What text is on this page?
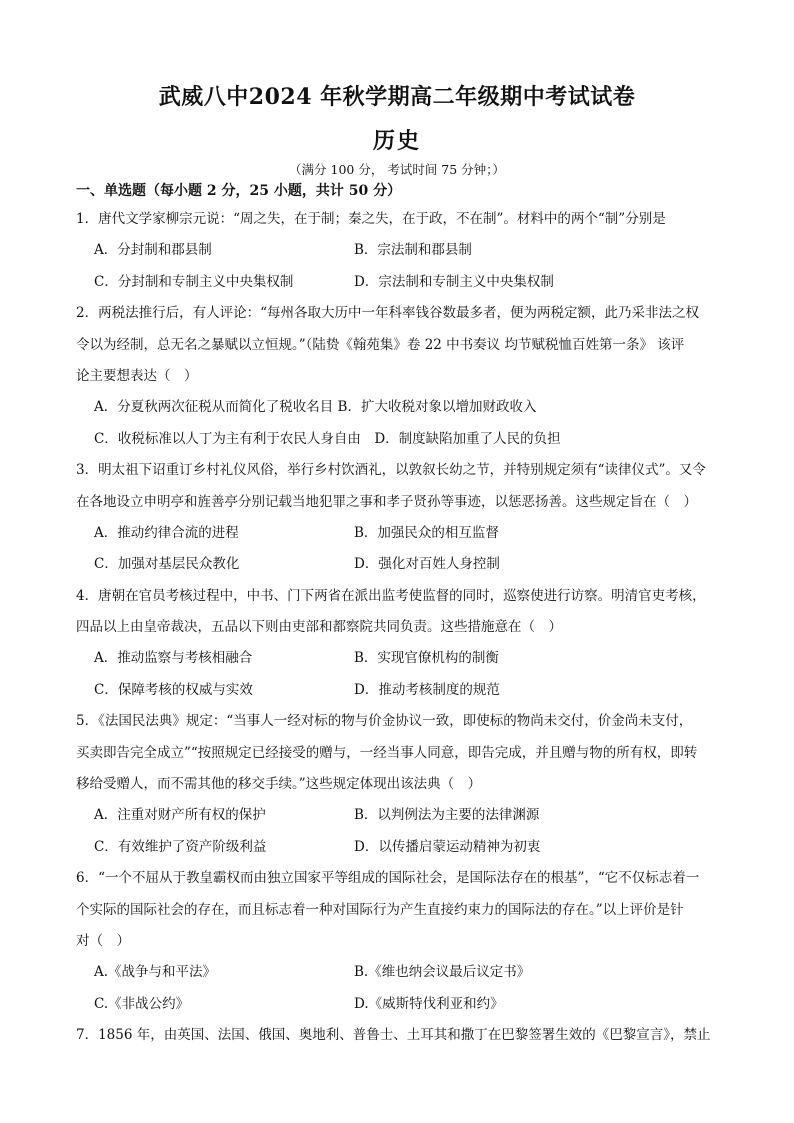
武威八中2024 年秋学期高二年级期中考试试卷
历史
（满分 100 分， 考试时间 75 分钟；）
一、单选题（每小题 2 分，25 小题，共计 50 分）
1．唐代文学家柳宗元说：“周之失，在于制；秦之失，在于政，不在制”。材料中的两个“制”分别是
A．分封制和郡县制	B．宗法制和郡县制
C．分封制和专制主义中央集权制	D．宗法制和专制主义中央集权制
2．两税法推行后，有人评论：“每州各取大历中一年科率钱谷数最多者，便为两税定额，此乃采非法之权
令以为经制，总无名之暴赋以立恒规。”（陆贽《翰苑集》卷 22 中书奏议 均节赋税恤百姓第一条》 该评
论主要想表达（　）
A．分夏秋两次征税从而简化了税收名目 B．扩大收税对象以增加财政收入
C．收税标准以人丁为主有利于农民人身自由　D．制度缺陷加重了人民的负担
3．明太祖下诏重订乡村礼仪风俗，举行乡村饮酒礼，以敦叙长幼之节，并特别规定须有“读律仪式”。又令
在各地设立申明亭和旌善亭分别记载当地犯罪之事和孝子贤孙等事迹，以惩恶扬善。这些规定旨在（　）
A．推动约律合流的进程	B．加强民众的相互监督
C．加强对基层民众教化	D．强化对百姓人身控制
4．唐朝在官员考核过程中，中书、门下两省在派出监考使监督的同时，巡察使进行访察。明清官吏考核，
四品以上由皇帝裁决，五品以下则由吏部和都察院共同负责。这些措施意在（　）
A．推动监察与考核相融合	B．实现官僚机构的制衡
C．保障考核的权威与实效	D．推动考核制度的规范
5．《法国民法典》规定：“当事人一经对标的物与价金协议一致，即使标的物尚未交付，价金尚未支付，
买卖即告完全成立”“按照规定已经接受的赠与，一经当事人同意，即告完成，并且赠与物的所有权，即转
移给受赠人，而不需其他的移交手续。”这些规定体现出该法典（　）
A．注重对财产所有权的保护	B．以判例法为主要的法律渊源
C．有效维护了资产阶级利益	D．以传播启蒙运动精神为初衷
6．“一个不屈从于教皇霸权而由独立国家平等组成的国际社会，是国际法存在的根基”，“它不仅标志着一
个实际的国际社会的存在，而且标志着一种对国际行为产生直接约束力的国际法的存在。”以上评价是针
对（　）
A.《战争与和平法》	B.《维也纳会议最后议定书》
C.《非战公约》	D.《威斯特伐利亚和约》
7．1856 年，由英国、法国、俄国、奥地利、普鲁士、土耳其和撒丁在巴黎签署生效的《巴黎宣言》，禁止
